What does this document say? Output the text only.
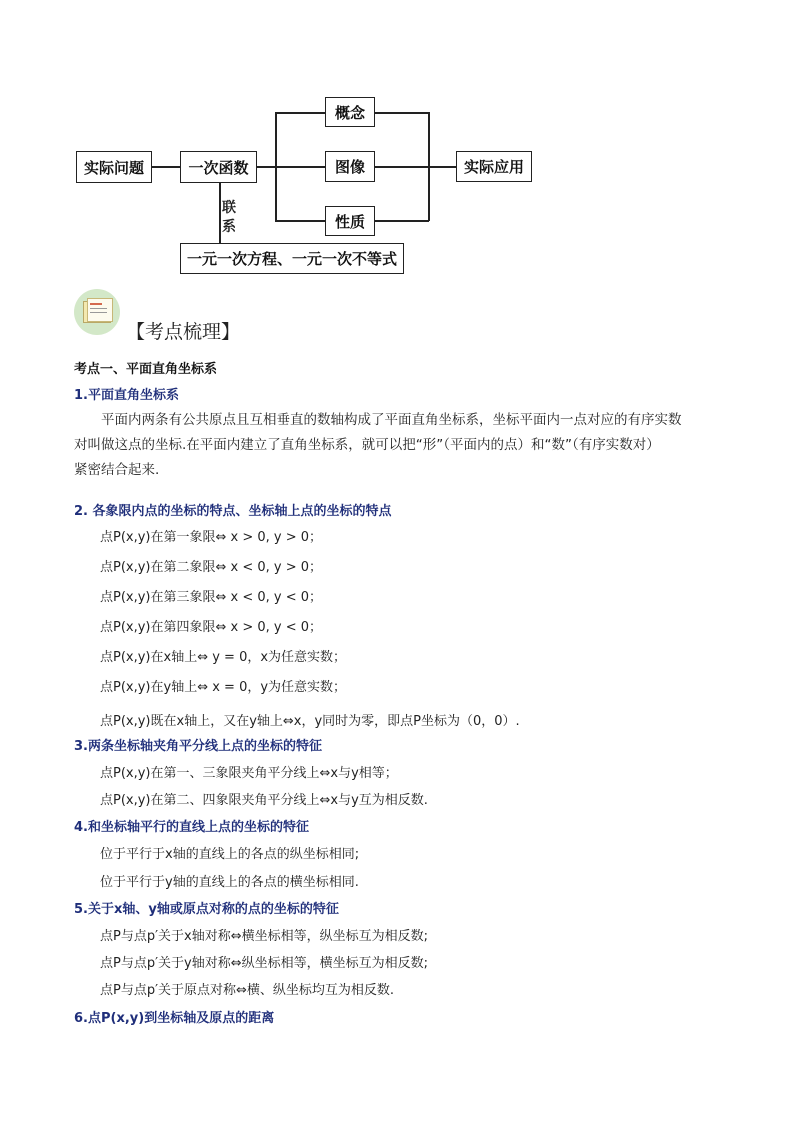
实际问题	一次函数
概念
图像
性质
实际应用
一元一次方程、一元一次不等式
联
系
【考点梳理】
考点一、平面直角坐标系
1.平面直角坐标系
平面内两条有公共原点且互相垂直的数轴构成了平面直角坐标系，坐标平面内一点对应的有序实数
对叫做这点的坐标.在平面内建立了直角坐标系，就可以把“形”（平面内的点）和“数”（有序实数对）
紧密结合起来.
2. 各象限内点的坐标的特点、坐标轴上点的坐标的特点
点P(x,y)在第一象限⇔ x > 0, y > 0；
点P(x,y)在第二象限⇔ x < 0, y > 0；
点P(x,y)在第三象限⇔ x < 0, y < 0；
点P(x,y)在第四象限⇔ x > 0, y < 0；
点P(x,y)在x轴上⇔ y = 0，x为任意实数；
点P(x,y)在y轴上⇔ x = 0，y为任意实数；
点P(x,y)既在x轴上，又在y轴上⇔x，y同时为零，即点P坐标为（0，0）.
3.两条坐标轴夹角平分线上点的坐标的特征
点P(x,y)在第一、三象限夹角平分线上⇔x与y相等；
点P(x,y)在第二、四象限夹角平分线上⇔x与y互为相反数.
4.和坐标轴平行的直线上点的坐标的特征
位于平行于x轴的直线上的各点的纵坐标相同;
位于平行于y轴的直线上的各点的横坐标相同.
5.关于x轴、y轴或原点对称的点的坐标的特征
点P与点p′关于x轴对称⇔横坐标相等，纵坐标互为相反数;
点P与点p′关于y轴对称⇔纵坐标相等，横坐标互为相反数;
点P与点p′关于原点对称⇔横、纵坐标均互为相反数.
6.点P(x,y)到坐标轴及原点的距离
